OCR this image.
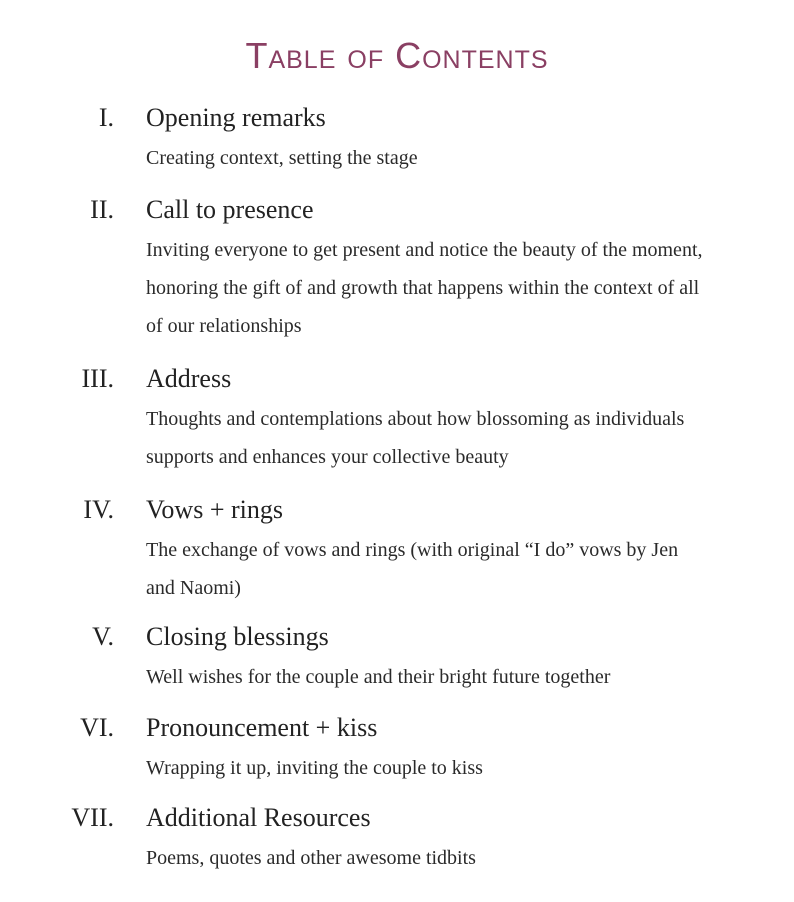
Table of Contents
I. Opening remarks
Creating context, setting the stage
II. Call to presence
Inviting everyone to get present and notice the beauty of the moment, honoring the gift of and growth that happens within the context of all of our relationships
III. Address
Thoughts and contemplations about how blossoming as individuals supports and enhances your collective beauty
IV. Vows + rings
The exchange of vows and rings (with original “I do” vows by Jen and Naomi)
V. Closing blessings
Well wishes for the couple and their bright future together
VI. Pronouncement + kiss
Wrapping it up, inviting the couple to kiss
VII. Additional Resources
Poems, quotes and other awesome tidbits
